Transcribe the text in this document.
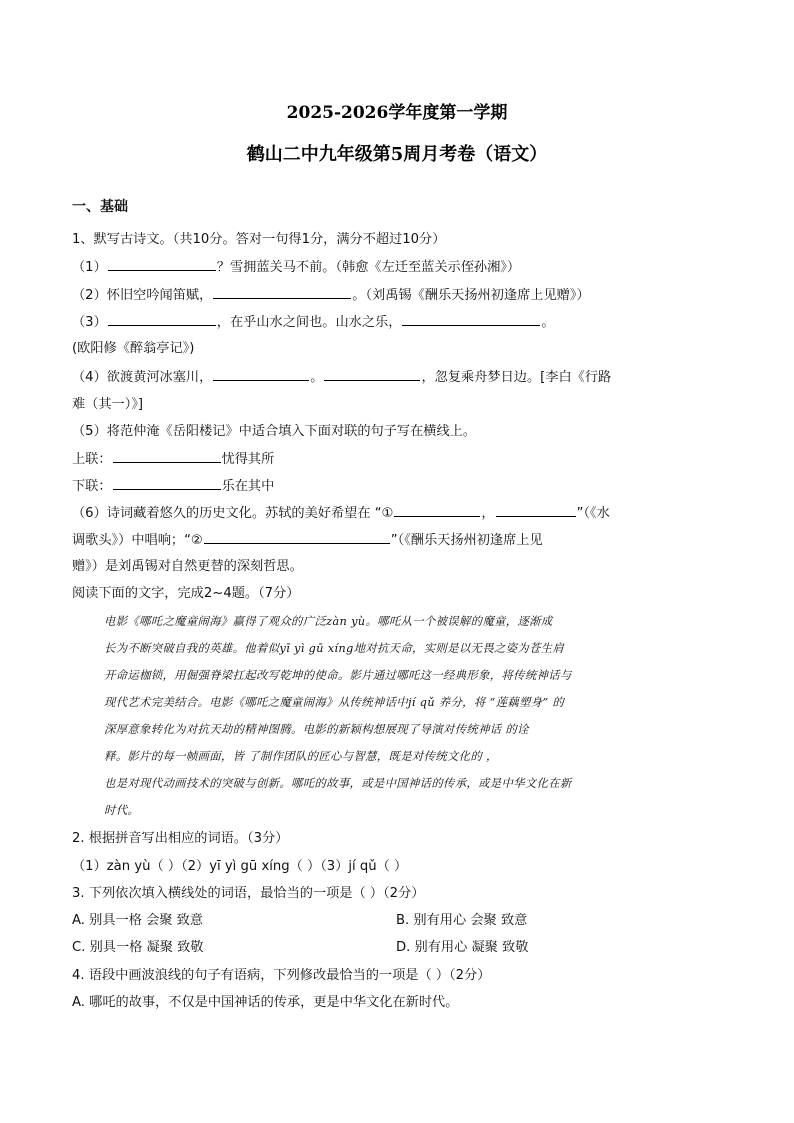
2025-2026学年度第一学期
鹤山二中九年级第5周月考卷（语文）
一、基础
1、默写古诗文。（共10分。答对一句得1分，满分不超过10分）
（1）	？雪拥蓝关马不前。（韩愈《左迁至蓝关示侄孙湘》）
（2）怀旧空吟闻笛赋，	。（刘禹锡《酬乐天扬州初逢席上见赠》）
（3）	，在乎山水之间也。山水之乐，	。
(欧阳修《醉翁亭记》)
（4）欲渡黄河冰塞川，	。	，忽复乘舟梦日边。[李白《行路
难（其一）》]
（5）将范仲淹《岳阳楼记》中适合填入下面对联的句子写在横线上。
上联：	忧得其所
下联：	乐在其中
（6）诗词藏着悠久的历史文化。苏轼的美好希望在 “①	，	”（《水
调歌头》）中唱响；“②	”（《酬乐天扬州初逢席上见
赠》）是刘禹锡对自然更替的深刻哲思。
阅读下面的文字，完成2~4题。（7分）
电影《哪吒之魔童闹海》赢得了观众的广泛zàn yù。哪吒从一个被误解的魔童，逐渐成
长为不断突破自我的英雄。他着似yī yì gū xíng地对抗天命，实则是以无畏之姿为苍生肩
开命运枷锁，用倔强脊梁扛起改写乾坤的使命。影片通过哪吒这一经典形象，将传统神话与
现代艺术完美结合。电影《哪吒之魔童闹海》从传统神话中jí qǔ 养分，将 “莲藕塑身” 的
深厚意象转化为对抗天劫的精神图腾。电影的新颖构想展现了导演对传统神话 的诠
释。影片的每一帧画面，皆 了制作团队的匠心与智慧，既是对传统文化的 ，
也是对现代动画技术的突破与创新。哪吒的故事，或是中国神话的传承，或是中华文化在新
时代。
2. 根据拼音写出相应的词语。（3分）
（1）zàn yù（ ）（2）yī yì gū xíng（ ）（3）jí qǔ（ ）
3. 下列依次填入横线处的词语，最恰当的一项是（ ）（2分）
A. 别具一格 会聚 致意	B. 别有用心 会聚 致意
C. 别具一格 凝聚 致敬	D. 别有用心 凝聚 致敬
4. 语段中画波浪线的句子有语病，下列修改最恰当的一项是（ ）（2分）
A. 哪吒的故事，不仅是中国神话的传承，更是中华文化在新时代。
